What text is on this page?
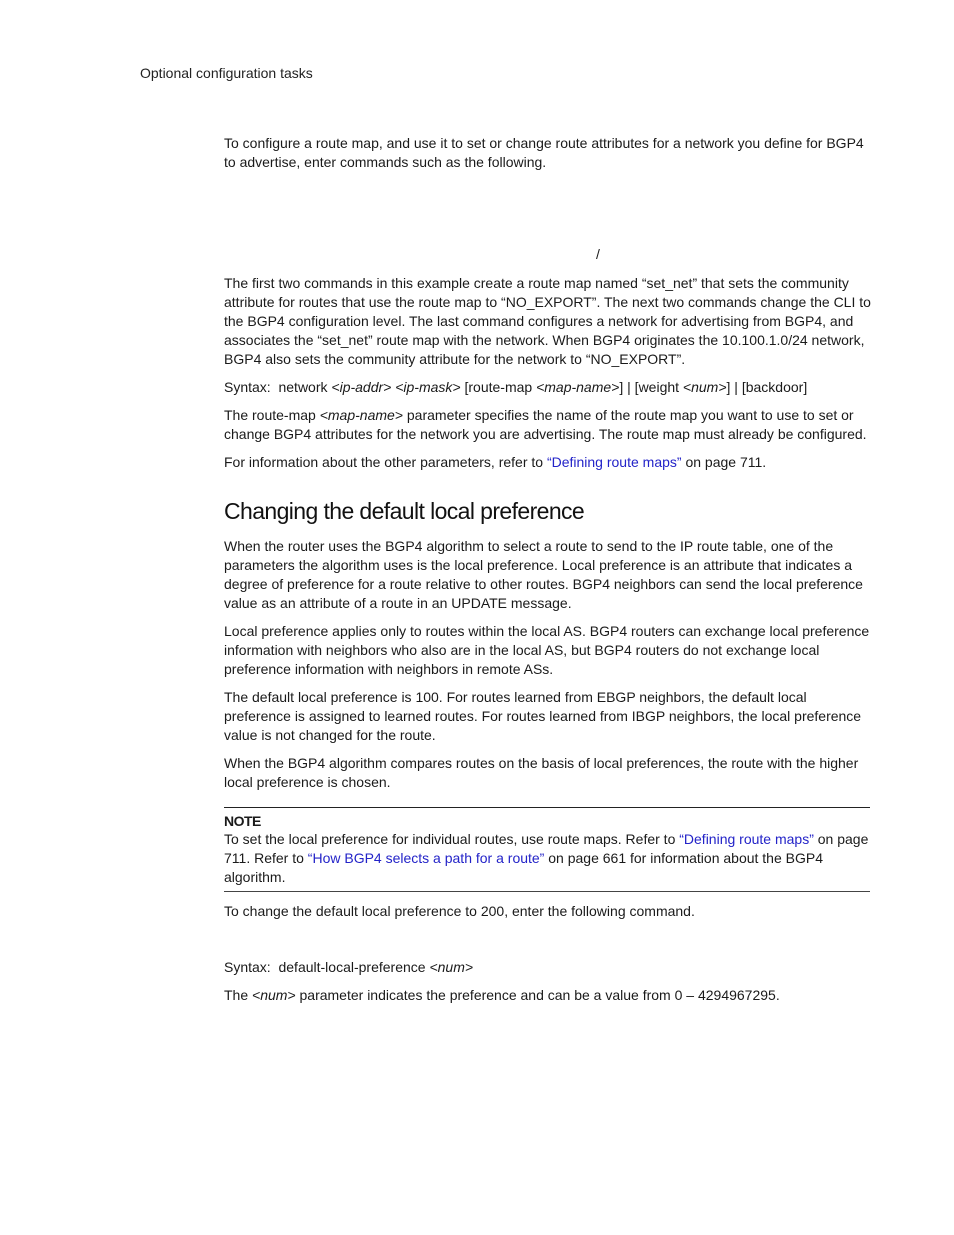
Optional configuration tasks
/

To configure a route map, and use it to set or change route attributes for a network you define for BGP4 to advertise, enter commands such as the following.

The first two commands in this example create a route map named “set_net” that sets the community attribute for routes that use the route map to “NO_EXPORT”. The next two commands change the CLI to the BGP4 configuration level. The last command configures a network for advertising from BGP4, and associates the “set_net” route map with the network. When BGP4 originates the 10.100.1.0/24 network, BGP4 also sets the community attribute for the network to “NO_EXPORT”.

Syntax: network <ip-addr> <ip-mask> [route-map <map-name>] | [weight <num>] | [backdoor]

The route-map <map-name> parameter specifies the name of the route map you want to use to set or change BGP4 attributes for the network you are advertising. The route map must already be configured.

For information about the other parameters, refer to “Defining route maps” on page 711.

Changing the default local preference

When the router uses the BGP4 algorithm to select a route to send to the IP route table, one of the parameters the algorithm uses is the local preference. Local preference is an attribute that indicates a degree of preference for a route relative to other routes. BGP4 neighbors can send the local preference value as an attribute of a route in an UPDATE message.

Local preference applies only to routes within the local AS. BGP4 routers can exchange local preference information with neighbors who also are in the local AS, but BGP4 routers do not exchange local preference information with neighbors in remote ASs.

The default local preference is 100. For routes learned from EBGP neighbors, the default local preference is assigned to learned routes. For routes learned from IBGP neighbors, the local preference value is not changed for the route.

When the BGP4 algorithm compares routes on the basis of local preferences, the route with the higher local preference is chosen.

NOTE

To set the local preference for individual routes, use route maps. Refer to “Defining route maps” on page 711. Refer to “How BGP4 selects a path for a route” on page 661 for information about the BGP4 algorithm.

To change the default local preference to 200, enter the following command.

Syntax: default-local-preference <num>

The <num> parameter indicates the preference and can be a value from 0 – 4294967295.
